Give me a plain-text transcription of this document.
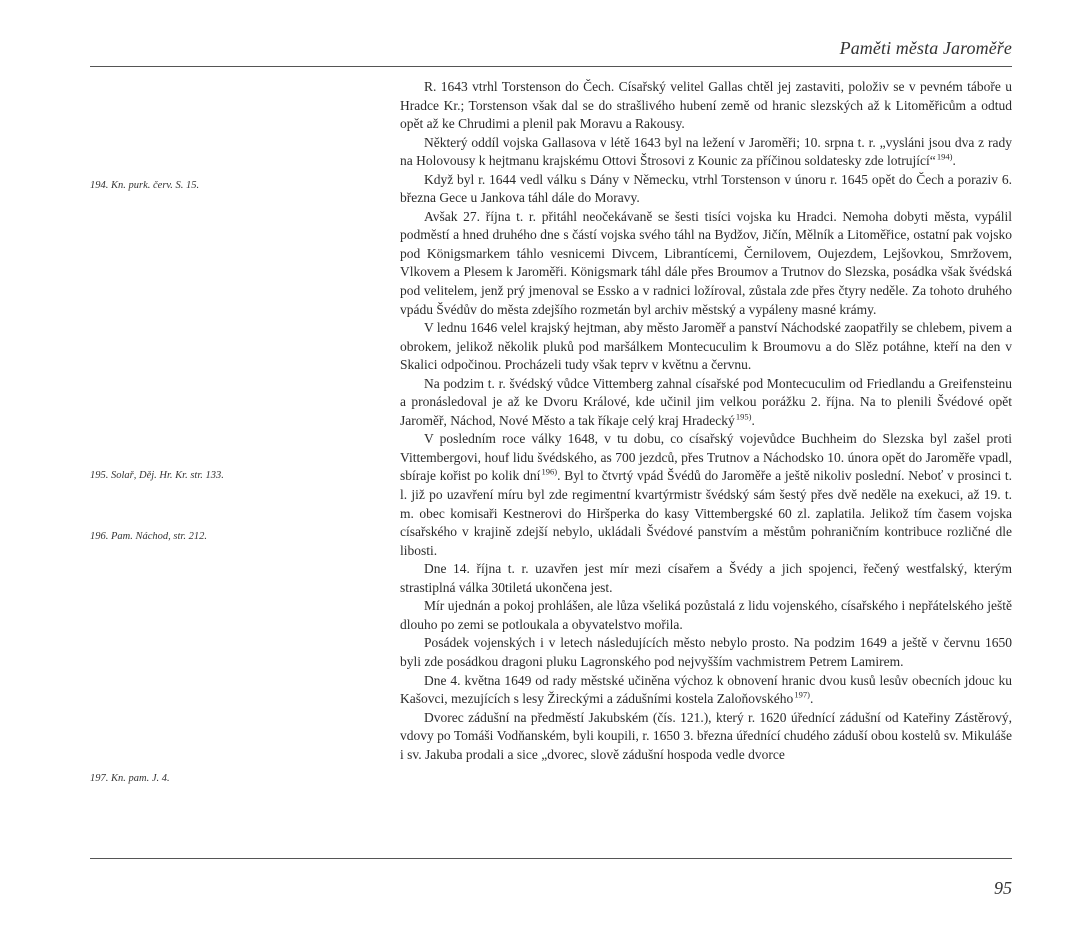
Paměti města Jaroměře
194. Kn. purk. červ. S. 15.
195. Solař, Děj. Hr. Kr. str. 133.
196. Pam. Náchod, str. 212.
197. Kn. pam. J. 4.

R. 1643 vtrhl Torstenson do Čech. Císařský velitel Gallas chtěl jej zastaviti, položiv se v pevném táboře u Hradce Kr.; Torstenson však dal se do strašlivého hubení země od hranic slezských až k Litoměřicům a odtud opět až ke Chrudimi a plenil pak Moravu a Rakousy.

Některý oddíl vojska Gallasova v létě 1643 byl na ležení v Jaroměři; 10. srpna t. r. „vysláni jsou dva z rady na Holovousy k hejtmanu krajskému Ottovi Štrosovi z Kounic za příčinou soldatesky zde lotrující“ $^{194)}$.

Když byl r. 1644 vedl válku s Dány v Německu, vtrhl Torstenson v únoru r. 1645 opět do Čech a poraziv 6. března Gece u Jankova táhl dále do Moravy.

Avšak 27. října t. r. přitáhl neočekávaně se šesti tisíci vojska ku Hradci. Nemoha dobyti města, vypálil podměstí a hned druhého dne s částí vojska svého táhl na Bydžov, Jičín, Mělník a Litoměřice, ostatní pak vojsko pod Königsmarkem táhlo vesnicemi Divcem, Librantícemi, Černilovem, Oujezdem, Lejšovkou, Smržovem, Vlkovem a Plesem k Jaroměři. Königsmark táhl dále přes Broumov a Trutnov do Slezska, posádka však švédská pod velitelem, jenž prý jmenoval se Essko a v radnici ložíroval, zůstala zde přes čtyry neděle. Za tohoto druhého vpádu Švédův do města zdejšího rozmetán byl archiv městský a vypáleny masné krámy.

V lednu 1646 velel krajský hejtman, aby město Jaroměř a panství Náchodské zaopatřily se chlebem, pivem a obrokem, jelikož několik pluků pod maršálkem Montecuculim k Broumovu a do Slěz potáhne, kteří na den v Skalici odpočinou. Procházeli tudy však teprv v květnu a červnu.

Na podzim t. r. švédský vůdce Vittemberg zahnal císařské pod Montecuculim od Friedlandu a Greifensteinu a pronásledoval je až ke Dvoru Králové, kde učinil jim velkou porážku 2. října. Na to plenili Švédové opět Jaroměř, Náchod, Nové Město a tak říkaje celý kraj Hradecký $^{195)}$.

V posledním roce války 1648, v tu dobu, co císařský vojevůdce Buchheim do Slezska byl zašel proti Vittembergovi, houf lidu švédského, as 700 jezdců, přes Trutnov a Náchodsko 10. února opět do Jaroměře vpadl, sbíraje kořist po kolik dní $^{196)}$. Byl to čtvrtý vpád Švédů do Jaroměře a ještě nikoliv poslední. Neboť v prosinci t. l. již po uzavření míru byl zde regimentní kvartýrmistr švédský sám šestý přes dvě neděle na exekuci, až 19. t. m. obec komisaři Kestnerovi do Hiršperka do kasy Vittembergské 60 zl. zaplatila. Jelikož tím časem vojska císařského v krajině zdejší nebylo, ukládali Švédové panstvím a městům pohraničním kontribuce rozličné dle libosti.

Dne 14. října t. r. uzavřen jest mír mezi císařem a Švédy a jich spojenci, řečený westfalský, kterým strastiplná válka 30tiletá ukončena jest.

Mír ujednán a pokoj prohlášen, ale lůza všeliká pozůstalá z lidu vojenského, císařského i nepřátelského ještě dlouho po zemi se potloukala a obyvatelstvo mořila.

Posádek vojenských i v letech následujících město nebylo prosto. Na podzim 1649 a ještě v červnu 1650 byli zde posádkou dragoni pluku Lagronského pod nejvyšším vachmistrem Petrem Lamirem.

Dne 4. května 1649 od rady městské učiněna výchoz k obnovení hranic dvou kusů lesův obecních jdouc ku Kašovci, mezujících s lesy Žireckými a zádušními kostela Zaloňovského $^{197)}$.

Dvorec zádušní na předměstí Jakubském (čís. 121.), který r. 1620 úřednící zádušní od Kateřiny Zástěrový, vdovy po Tomáši Vodňanském, byli koupili, r. 1650 3. března úřednící chudého záduší obou kostelů sv. Mikuláše i sv. Jakuba prodali a sice „dvorec, slově zádušní hospoda vedle dvorce

95
